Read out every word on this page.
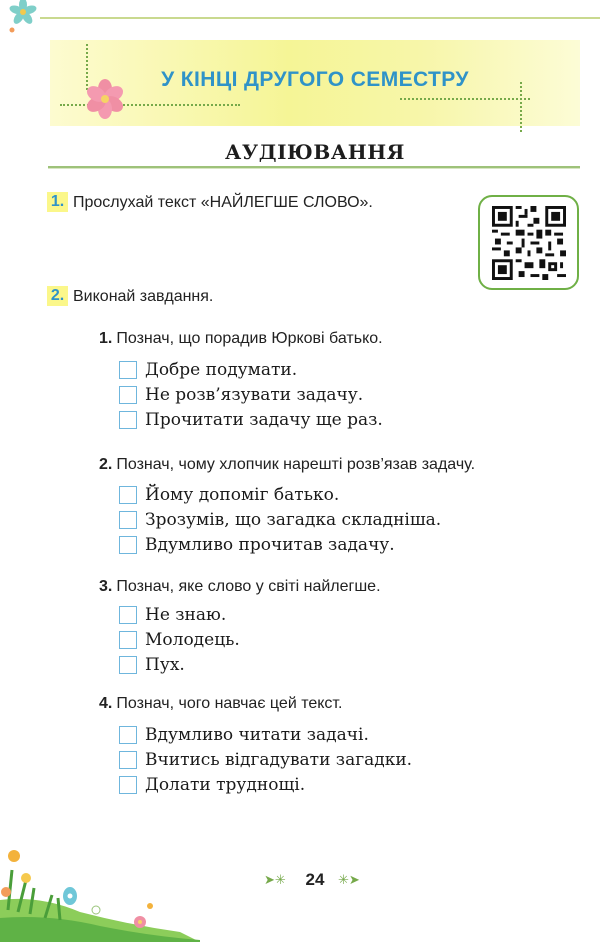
У КІНЦІ ДРУГОГО СЕМЕСТРУ
АУДІЮВАННЯ
1. Прослухай текст «НАЙЛЕГШЕ СЛОВО».
2. Виконай завдання.
1. Познач, що порадив Юркові батько.
Добре подумати.
Не розв’язувати задачу.
Прочитати задачу ще раз.
2. Познач, чому хлопчик нарешті розв’язав задачу.
Йому допоміг батько.
Зрозумів, що загадка складніша.
Вдумливо прочитав задачу.
3. Познач, яке слово у світі найлегше.
Не знаю.
Молодець.
Пух.
4. Познач, чого навчає цей текст.
Вдумливо читати задачі.
Вчитись відгадувати загадки.
Долати труднощі.
➤✳	24	✳➤
